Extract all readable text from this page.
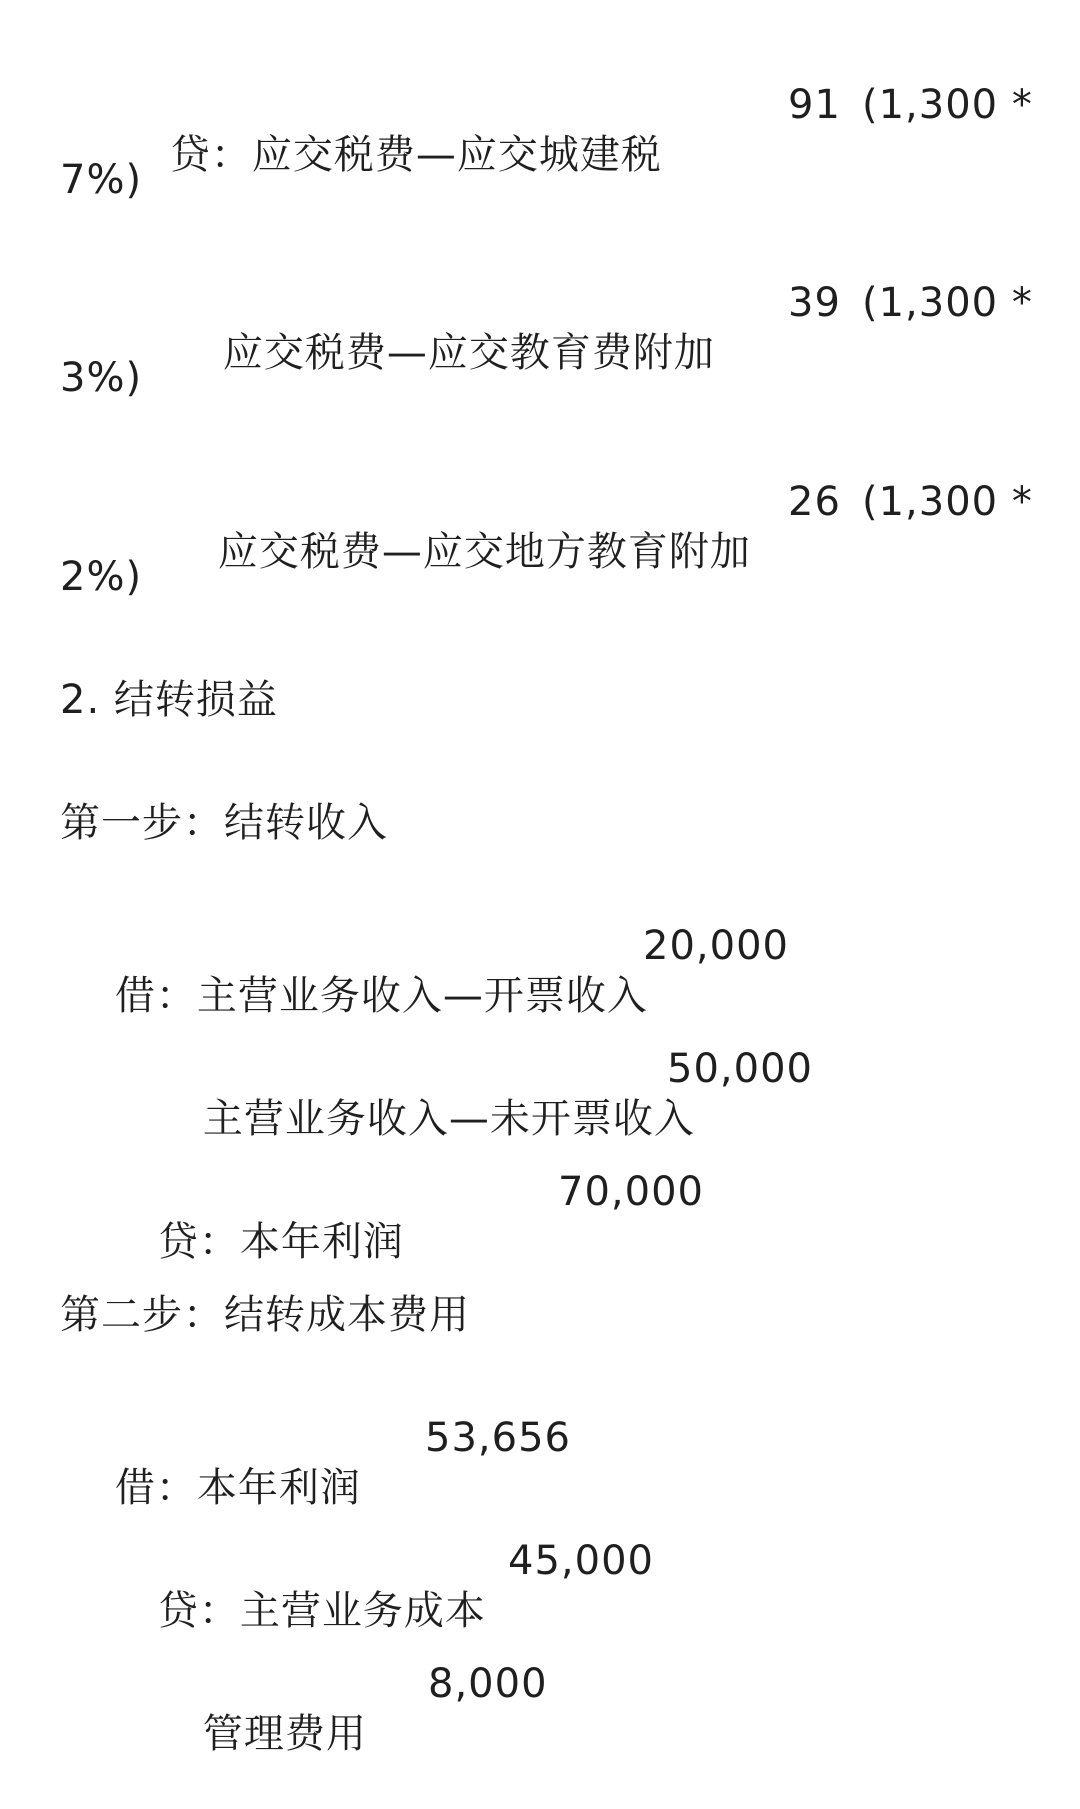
贷：应交税费—应交城建税

91 (1,300 *
7%)

应交税费—应交教育费附加

39 (1,300 *
3%)

应交税费—应交地方教育附加

26 (1,300 *
2%)
2. 结转损益
第一步：结转收入

借：主营业务收入—开票收入

20,000

主营业务收入—未开票收入

50,000

贷：本年利润

70,000
第二步：结转成本费用

借：本年利润

53,656

贷：主营业务成本

45,000

管理费用

8,000
